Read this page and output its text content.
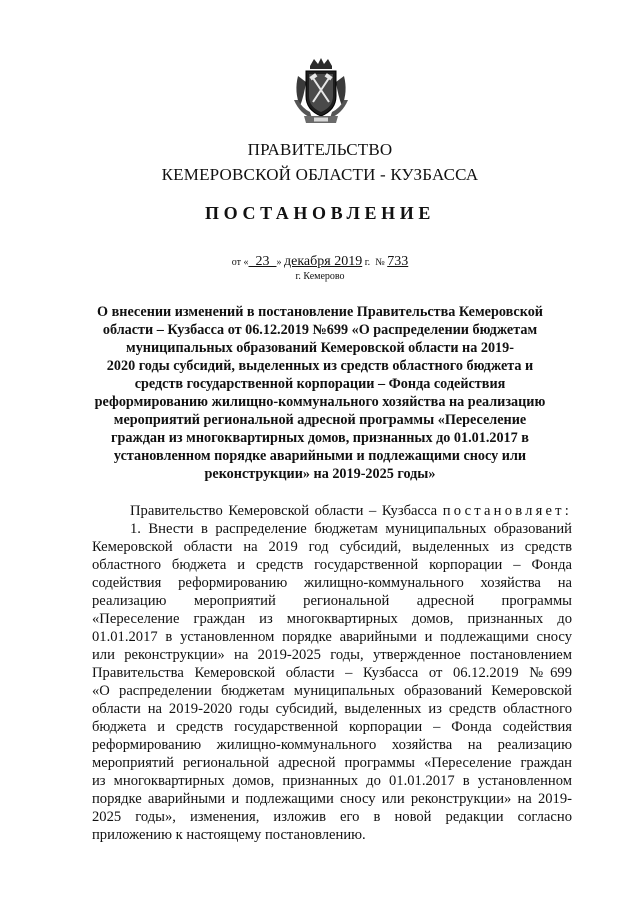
ПРАВИТЕЛЬСТВО
КЕМЕРОВСКОЙ ОБЛАСТИ - КУЗБАССА
ПОСТАНОВЛЕНИЕ
от « 23 » декабря 2019 г. № 733
г. Кемерово
О внесении изменений в постановление Правительства Кемеровской
области – Кузбасса от 06.12.2019 №699 «О распределении бюджетам
муниципальных образований Кемеровской области на 2019-
2020 годы субсидий, выделенных из средств областного бюджета и
средств государственной корпорации – Фонда содействия
реформированию жилищно-коммунального хозяйства на реализацию
мероприятий региональной адресной программы «Переселение
граждан из многоквартирных домов, признанных до 01.01.2017 в
установленном порядке аварийными и подлежащими сносу или
реконструкции» на 2019-2025 годы»
Правительство Кемеровской области – Кузбасса постановляет:
1. Внести в распределение бюджетам муниципальных образований
Кемеровской области на 2019 год субсидий, выделенных из средств
областного бюджета и средств государственной корпорации – Фонда
содействия реформированию жилищно-коммунального хозяйства на
реализацию мероприятий региональной адресной программы
«Переселение граждан из многоквартирных домов, признанных до
01.01.2017 в установленном порядке аварийными и подлежащими сносу
или реконструкции» на 2019-2025 годы, утвержденное постановлением
Правительства Кемеровской области – Кузбасса от 06.12.2019 №699
«О распределении бюджетам муниципальных образований Кемеровской
области на 2019-2020 годы субсидий, выделенных из средств областного
бюджета и средств государственной корпорации – Фонда содействия
реформированию жилищно-коммунального хозяйства на реализацию
мероприятий региональной адресной программы «Переселение граждан
из многоквартирных домов, признанных до 01.01.2017 в установленном
порядке аварийными и подлежащими сносу или реконструкции» на 2019-
2025 годы», изменения, изложив его в новой редакции согласно
приложению к настоящему постановлению.
